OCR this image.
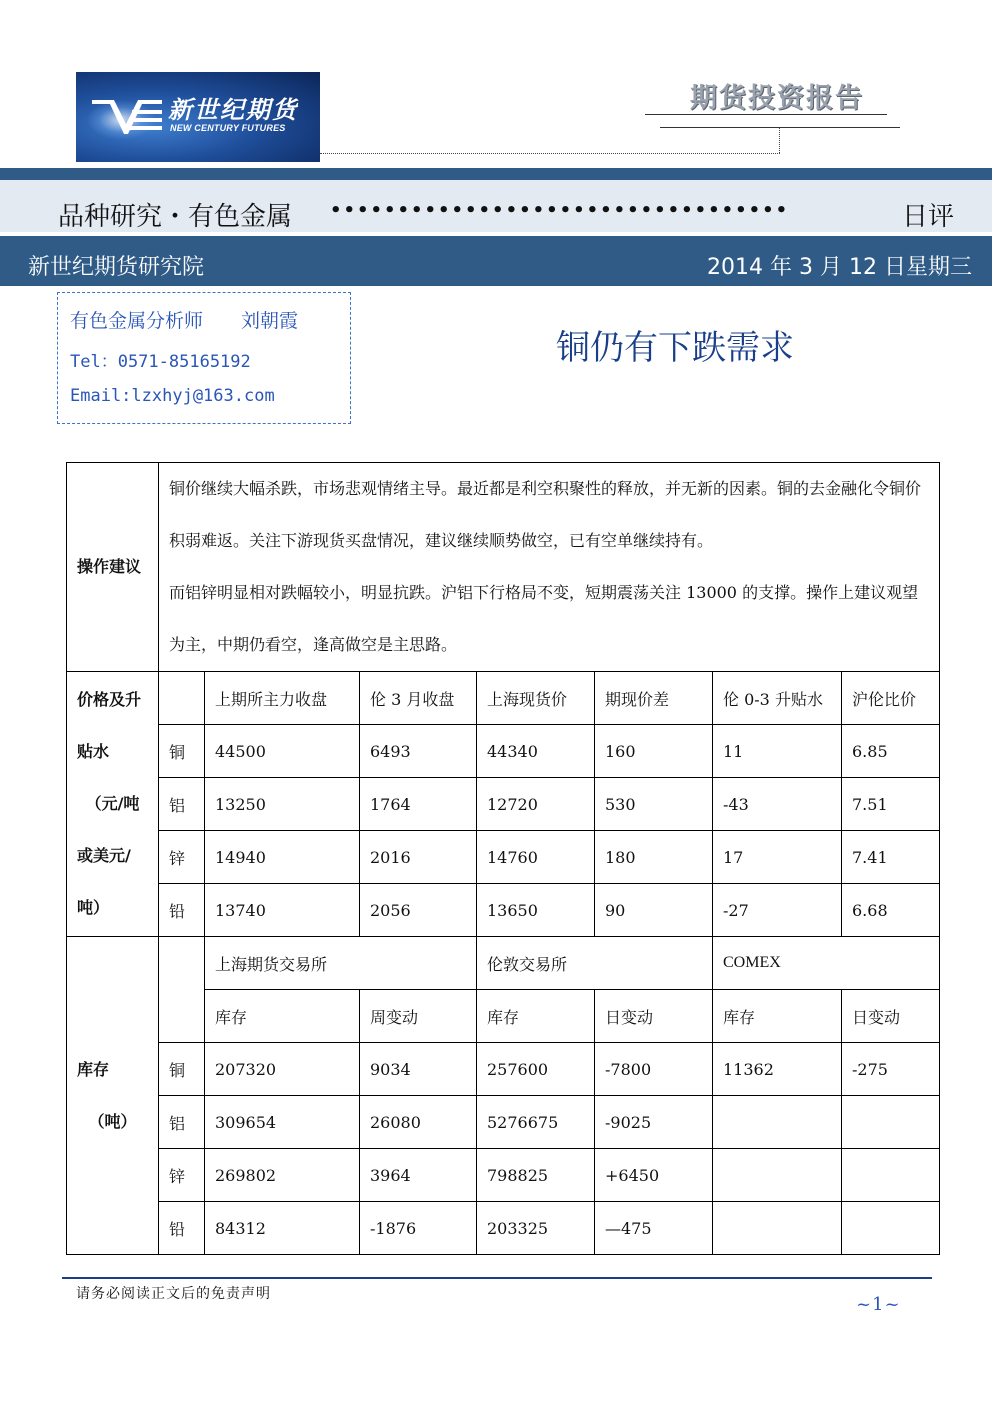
新世纪期货
NEW CENTURY FUTURES
期货投资报告
品种研究・有色金属 ••••••••••••••••••••••••••••••••••	日评
新世纪期货研究院	2014 年 3 月 12 日星期三
有色金属分析师　　刘朝霞
Tel：0571-85165192
Email:lzxhyj@163.com
铜仍有下跌需求
操作建议	铜价继续大幅杀跌，市场悲观情绪主导。最近都是利空积聚性的释放，并无新的因素。铜的去金融化令铜价积弱难返。关注下游现货买盘情况，建议继续顺势做空，已有空单继续持有。

而铝锌明显相对跌幅较小，明显抗跌。沪铝下行格局不变，短期震荡关注 13000 的支撑。操作上建议观望为主，中期仍看空，逢高做空是主思路。						

价格及升
贴水
（元/吨
或美元/
吨）		上期所主力收盘	伦 3 月收盘	上海现货价	期现价差	伦 0-3 升贴水	沪伦比价
	铜	44500	6493	44340	160	11	6.85
	铝	13250	1764	12720	530	-43	7.51
	锌	14940	2016	14760	180	17	7.41
	铅	13740	2056	13650	90	-27	6.68

库存
（吨）		上海期货交易所		伦敦交易所		COMEX	
		库存	周变动	库存	日变动	库存	日变动
	铜	207320	9034	257600	-7800	11362	-275
	铝	309654	26080	5276675	-9025		
	锌	269802	3964	798825	+6450		
	铅	84312	-1876	203325	—475		
请务必阅读正文后的免责声明	~1~
